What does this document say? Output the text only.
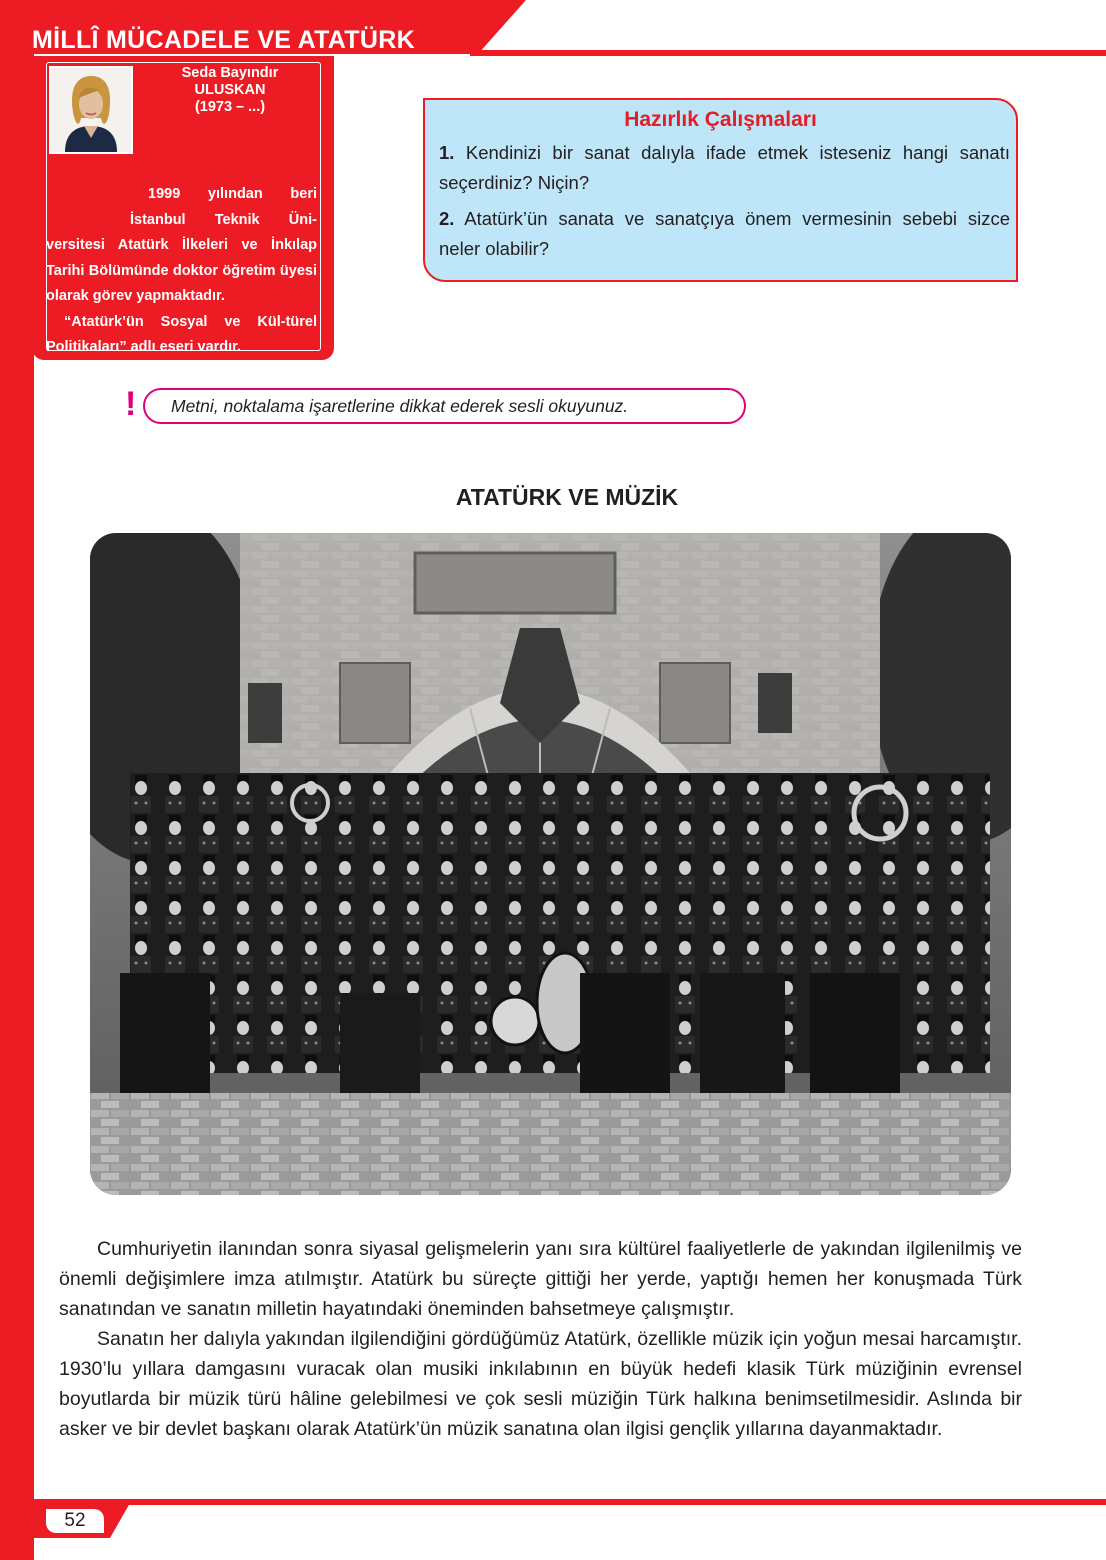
MİLLÎ MÜCADELE VE ATATÜRK
Seda Bayındır
ULUSKAN
(1973 – ...)

1999 yılından beri İstanbul Teknik Üni-versitesi Atatürk İlkeleri ve İnkılap Tarihi Bölümünde doktor öğretim üyesi olarak görev yapmaktadır.

“Atatürk’ün Sosyal ve Kül-türel Politikaları” adlı eseri vardır.

Hazırlık Çalışmaları

1. Kendinizi bir sanat dalıyla ifade etmek isteseniz hangi sanatı seçerdiniz? Niçin?

2. Atatürk’ün sanata ve sanatçıya önem vermesinin sebebi sizce neler olabilir?

!	Metni, noktalama işaretlerine dikkat ederek sesli okuyunuz.
ATATÜRK VE MÜZİK

Cumhuriyetin ilanından sonra siyasal gelişmelerin yanı sıra kültürel faaliyetlerle de yakından ilgilenilmiş ve önemli değişimlere imza atılmıştır. Atatürk bu süreçte gittiği her yerde, yaptığı hemen her konuşmada Türk sanatından ve sanatın milletin hayatındaki öneminden bahsetmeye çalışmıştır.

Sanatın her dalıyla yakından ilgilendiğini gördüğümüz Atatürk, özellikle müzik için yoğun mesai harcamıştır. 1930’lu yıllara damgasını vuracak olan musiki inkılabının en büyük hedefi klasik Türk müziğinin evrensel boyutlarda bir müzik türü hâline gelebilmesi ve çok sesli müziğin Türk halkına benimsetilmesidir. Aslında bir asker ve bir devlet başkanı olarak Atatürk’ün müzik sanatına olan ilgisi gençlik yıllarına dayanmaktadır.

52
